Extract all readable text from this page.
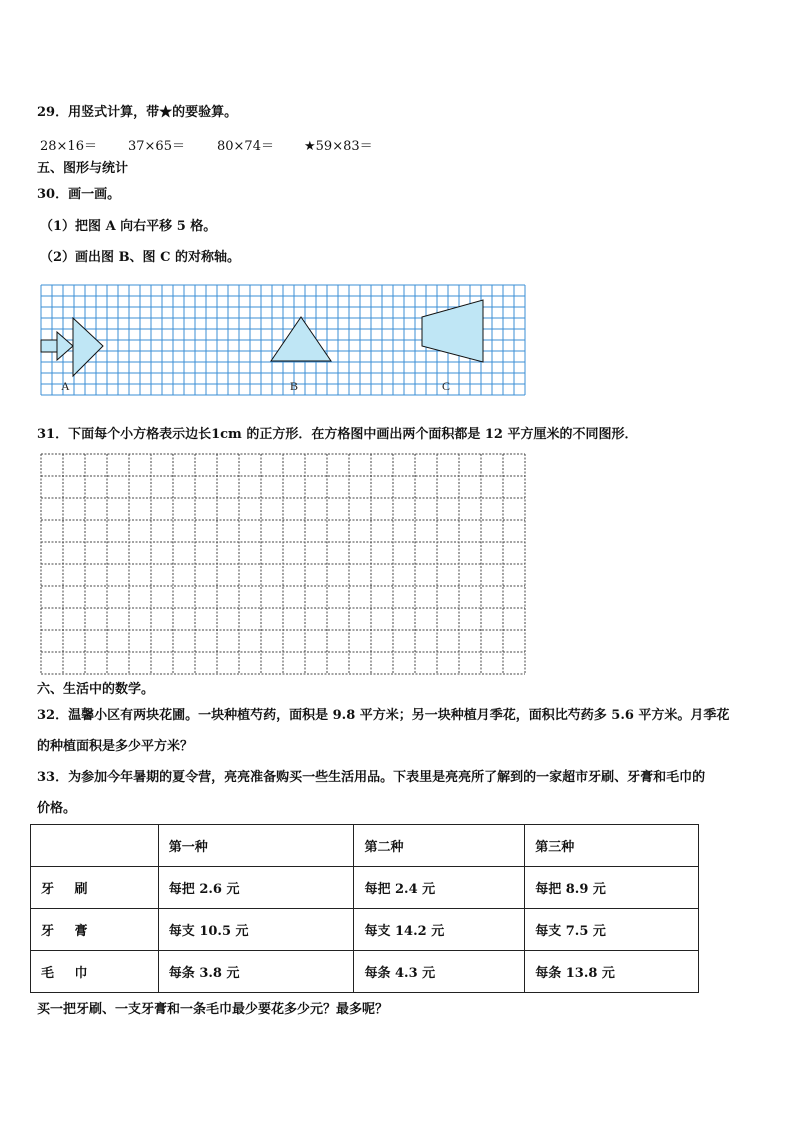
29．用竖式计算，带★的要验算。
28×16＝ 37×65＝ 80×74＝ ★59×83＝
五、图形与统计
30．画一画。
（1）把图 A 向右平移 5 格。
（2）画出图 B、图 C 的对称轴。
A	B	C
31．下面每个小方格表示边长1cm 的正方形．在方格图中画出两个面积都是 12 平方厘米的不同图形．
六、生活中的数学。
32．温馨小区有两块花圃。一块种植芍药，面积是 9.8 平方米；另一块种植月季花，面积比芍药多 5.6 平方米。月季花
的种植面积是多少平方米？
33．为参加今年暑期的夏令营，亮亮准备购买一些生活用品。下表里是亮亮所了解到的一家超市牙刷、牙膏和毛巾的
价格。
	第一种	第二种	第三种
牙 刷	每把 2.6 元	每把 2.4 元	每把 8.9 元
牙 膏	每支 10.5 元	每支 14.2 元	每支 7.5 元
毛 巾	每条 3.8 元	每条 4.3 元	每条 13.8 元
买一把牙刷、一支牙膏和一条毛巾最少要花多少元？最多呢？
